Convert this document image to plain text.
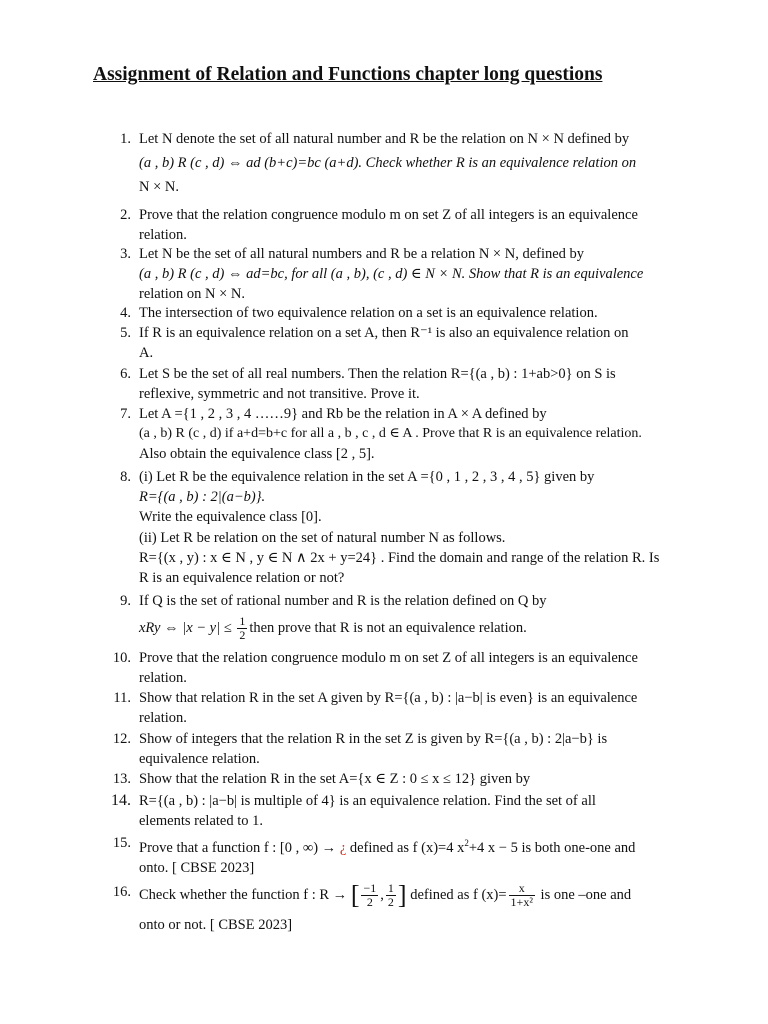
Assignment of Relation and Functions chapter long questions
1. Let N denote the set of all natural number and R be the relation on N × N defined by
(a , b) R (c , d) ⇔ ad (b+c)=bc (a+d). Check whether R is an equivalence relation on
N × N.
2. Prove that the relation congruence modulo m on set Z of all integers is an equivalence
relation.
3. Let N be the set of all natural numbers and R be a relation N × N, defined by
(a , b) R (c , d) ⇔ ad=bc, for all (a , b), (c , d) ∈ N × N. Show that R is an equivalence
relation on N × N.
4. The intersection of two equivalence relation on a set is an equivalence relation.
5. If R is an equivalence relation on a set A, then R⁻¹ is also an equivalence relation on
A.
6. Let S be the set of all real numbers. Then the relation R={(a , b) : 1+ab>0} on S is
reflexive, symmetric and not transitive. Prove it.
7. Let A ={1 , 2 , 3 , 4 ……9} and Rb be the relation in A × A defined by
(a , b) R (c , d) if a+d=b+c for all a , b , c , d ∈ A . Prove that R is an equivalence relation.
Also obtain the equivalence class [2 , 5].
8. (i) Let R be the equivalence relation in the set A ={0 , 1 , 2 , 3 , 4 , 5} given by
R={(a , b) : 2|(a−b)}.
Write the equivalence class [0].
(ii) Let R be relation on the set of natural number N as follows.
R={(x , y) : x ∈ N , y ∈ N ∧ 2x + y=24} . Find the domain and range of the relation R. Is
R is an equivalence relation or not?
9. If Q is the set of rational number and R is the relation defined on Q by
xRy ⇔ $|x - y| \le \frac{1}{2}$ then prove that R is not an equivalence relation.
10. Prove that the relation congruence modulo m on set Z of all integers is an equivalence
relation.
11. Show that relation R in the set A given by R={(a , b) : |a−b| is even} is an equivalence
relation.
12. Show of integers that the relation R in the set Z is given by R={(a , b) : 2|a−b} is
equivalence relation.
13. Show that the relation R in the set A={x ∈ Z : 0 ≤ x ≤ 12} given by
14. R={(a , b) : |a−b| is multiple of 4} is an equivalence relation. Find the set of all
elements related to 1.
15. Prove that a function f : [0 , ∞) → ¿ defined as f (x)=4 $x^2+4$ x − 5 is both one-one and
onto. [ CBSE 2023]
16. Check whether the function f : R → [ $\frac{-1}{2}$ , $\frac{1}{2}$ ] defined as f $(x)= \frac{x}{\text{1+x²}}$ is one –one and
onto or not. [ CBSE 2023]
